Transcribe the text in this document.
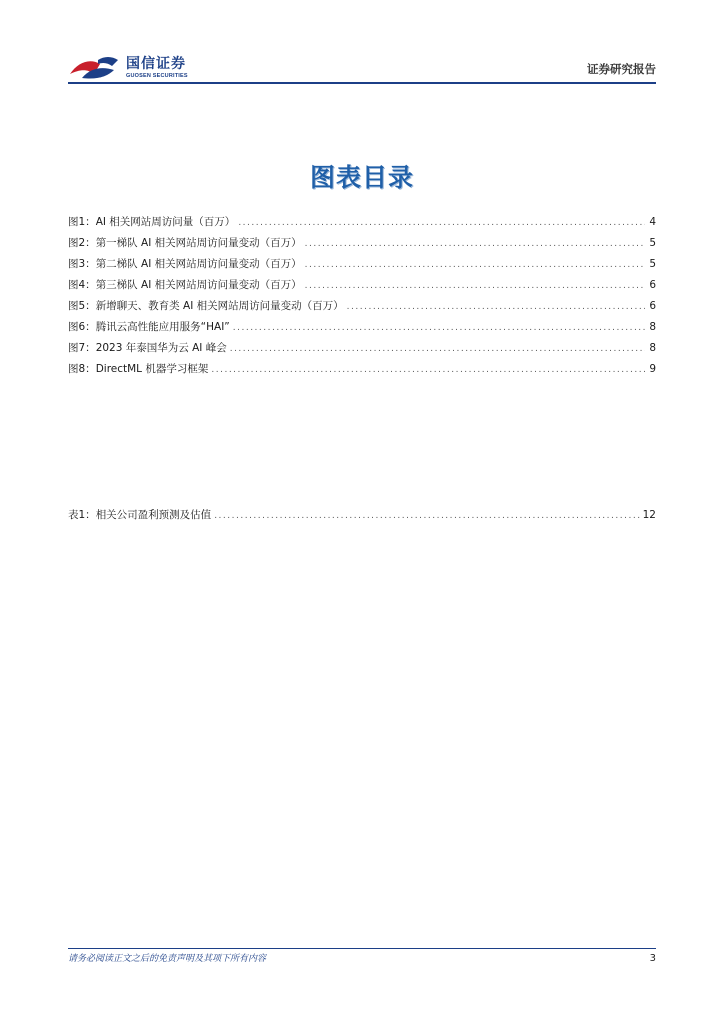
国信证券
GUOSEN SECURITIES	证券研究报告
图表目录
图1： AI 相关网站周访问量（百万） .....	4
图2： 第一梯队 AI 相关网站周访问量变动（百万） .....	5
图3： 第二梯队 AI 相关网站周访问量变动（百万） .....	5
图4： 第三梯队 AI 相关网站周访问量变动（百万） .....	6
图5： 新增聊天、教育类 AI 相关网站周访问量变动（百万） .....	6
图6： 腾讯云高性能应用服务“HAI” .....	8
图7： 2023 年泰国华为云 AI 峰会 .....	8
图8： DirectML 机器学习框架 .....	9
表1： 相关公司盈利预测及估值 .....	12
请务必阅读正文之后的免责声明及其项下所有内容	3
